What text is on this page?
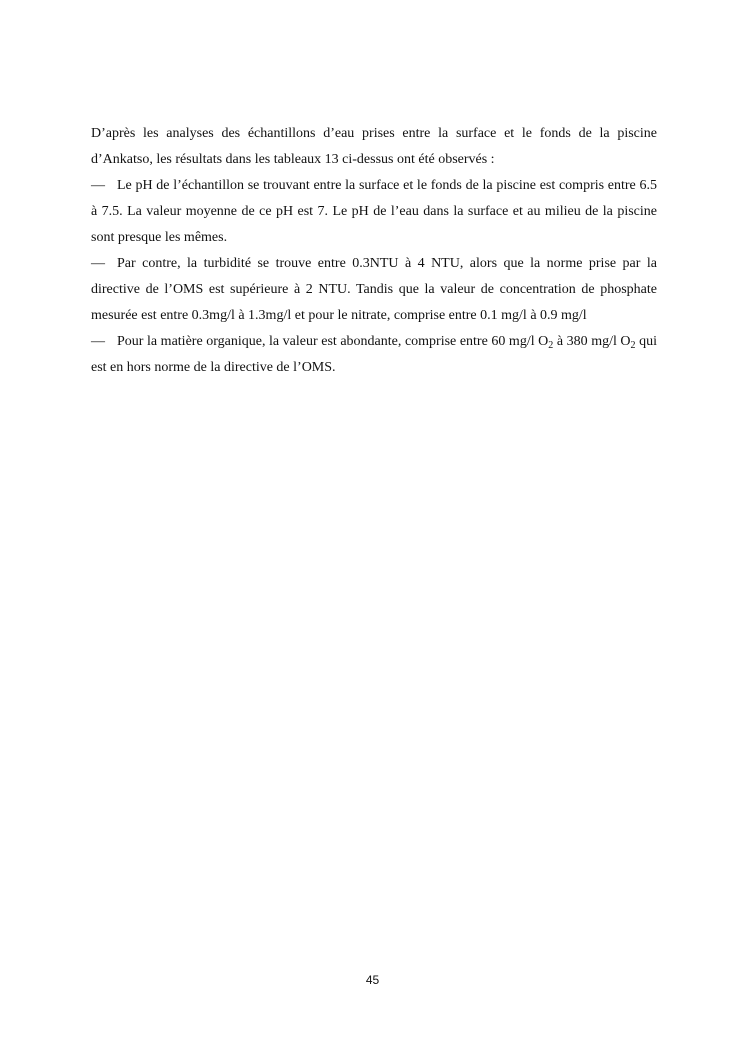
D’après les analyses des échantillons d’eau prises entre la surface et le fonds de la piscine d’Ankatso, les résultats dans les tableaux 13 ci-dessus ont été observés :

— Le pH de l’échantillon se trouvant entre la surface et le fonds de la piscine est compris entre 6.5 à 7.5. La valeur moyenne de ce pH est 7. Le pH de l’eau dans la surface et au milieu de la piscine sont presque les mêmes.

— Par contre, la turbidité se trouve entre 0.3NTU à 4 NTU, alors que la norme prise par la directive de l’OMS est supérieure à 2 NTU. Tandis que la valeur de concentration de phosphate mesurée est entre 0.3mg/l à 1.3mg/l et pour le nitrate, comprise entre 0.1 mg/l à 0.9 mg/l

— Pour la matière organique, la valeur est abondante, comprise entre 60 mg/l $O_2$ à 380 mg/l $O_2$ qui est en hors norme de la directive de l’OMS.

45
